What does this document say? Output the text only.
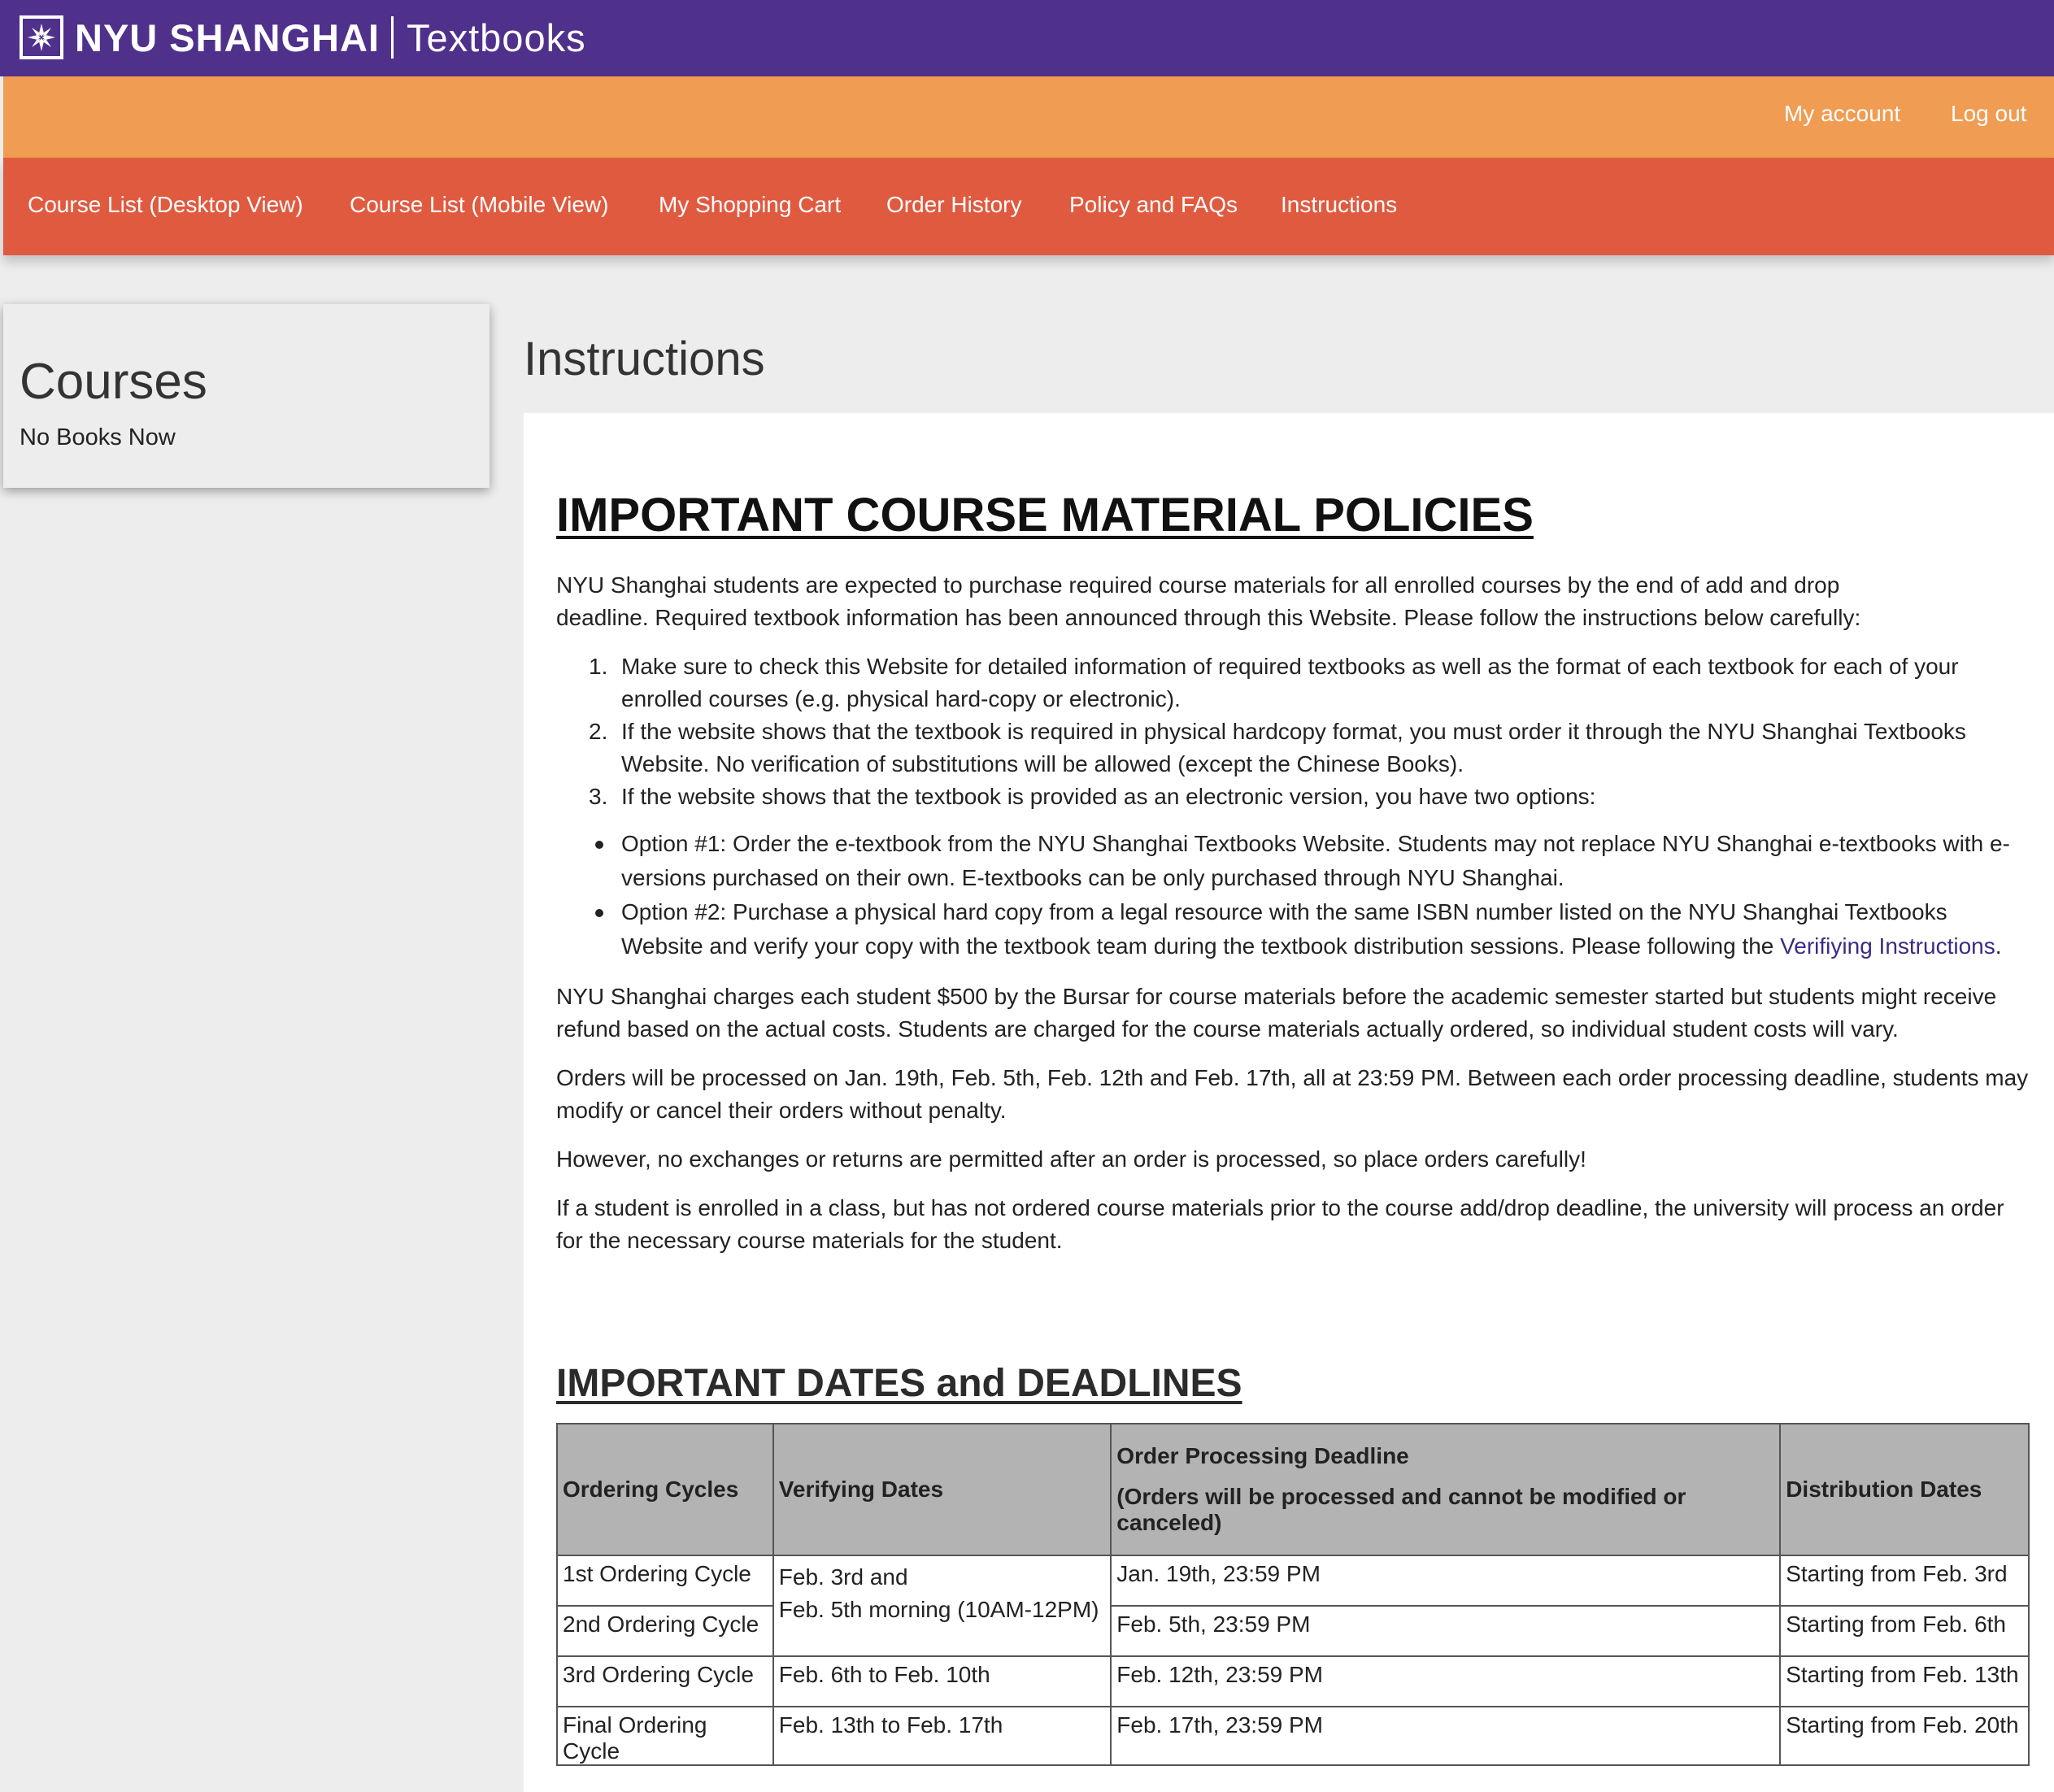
NYU SHANGHAI Textbooks
My account Log out
Course List (Desktop View) Course List (Mobile View) My Shopping Cart Order History Policy and FAQs Instructions
Courses

No Books Now

Instructions
IMPORTANT COURSE MATERIAL POLICIES
NYU Shanghai students are expected to purchase required course materials for all enrolled courses by the end of add and drop
deadline. Required textbook information has been announced through this Website. Please follow the instructions below carefully:
1. Make sure to check this Website for detailed information of required textbooks as well as the format of each textbook for each of your
enrolled courses (e.g. physical hard-copy or electronic).
2. If the website shows that the textbook is required in physical hardcopy format, you must order it through the NYU Shanghai Textbooks
Website. No verification of substitutions will be allowed (except the Chinese Books).
3. If the website shows that the textbook is provided as an electronic version, you have two options:
Option #1: Order the e-textbook from the NYU Shanghai Textbooks Website. Students may not replace NYU Shanghai e-textbooks with e-
versions purchased on their own. E-textbooks can be only purchased through NYU Shanghai.
Option #2: Purchase a physical hard copy from a legal resource with the same ISBN number listed on the NYU Shanghai Textbooks
Website and verify your copy with the textbook team during the textbook distribution sessions. Please following the Verifiying Instructions.
NYU Shanghai charges each student $500 by the Bursar for course materials before the academic semester started but students might receive
refund based on the actual costs. Students are charged for the course materials actually ordered, so individual student costs will vary.
Orders will be processed on Jan. 19th, Feb. 5th, Feb. 12th and Feb. 17th, all at 23:59 PM. Between each order processing deadline, students may
modify or cancel their orders without penalty.
However, no exchanges or returns are permitted after an order is processed, so place orders carefully!
If a student is enrolled in a class, but has not ordered course materials prior to the course add/drop deadline, the university will process an order
for the necessary course materials for the student.
IMPORTANT DATES and DEADLINES
Ordering Cycles	Verifying Dates	Order Processing Deadline
(Orders will be processed and cannot be modified or canceled)	Distribution Dates
1st Ordering Cycle	Feb. 3rd and
Feb. 5th morning (10AM-12PM)	Jan. 19th, 23:59 PM	Starting from Feb. 3rd
2nd Ordering Cycle		Feb. 5th, 23:59 PM	Starting from Feb. 6th
3rd Ordering Cycle	Feb. 6th to Feb. 10th	Feb. 12th, 23:59 PM	Starting from Feb. 13th
Final Ordering Cycle	Feb. 13th to Feb. 17th	Feb. 17th, 23:59 PM	Starting from Feb. 20th
